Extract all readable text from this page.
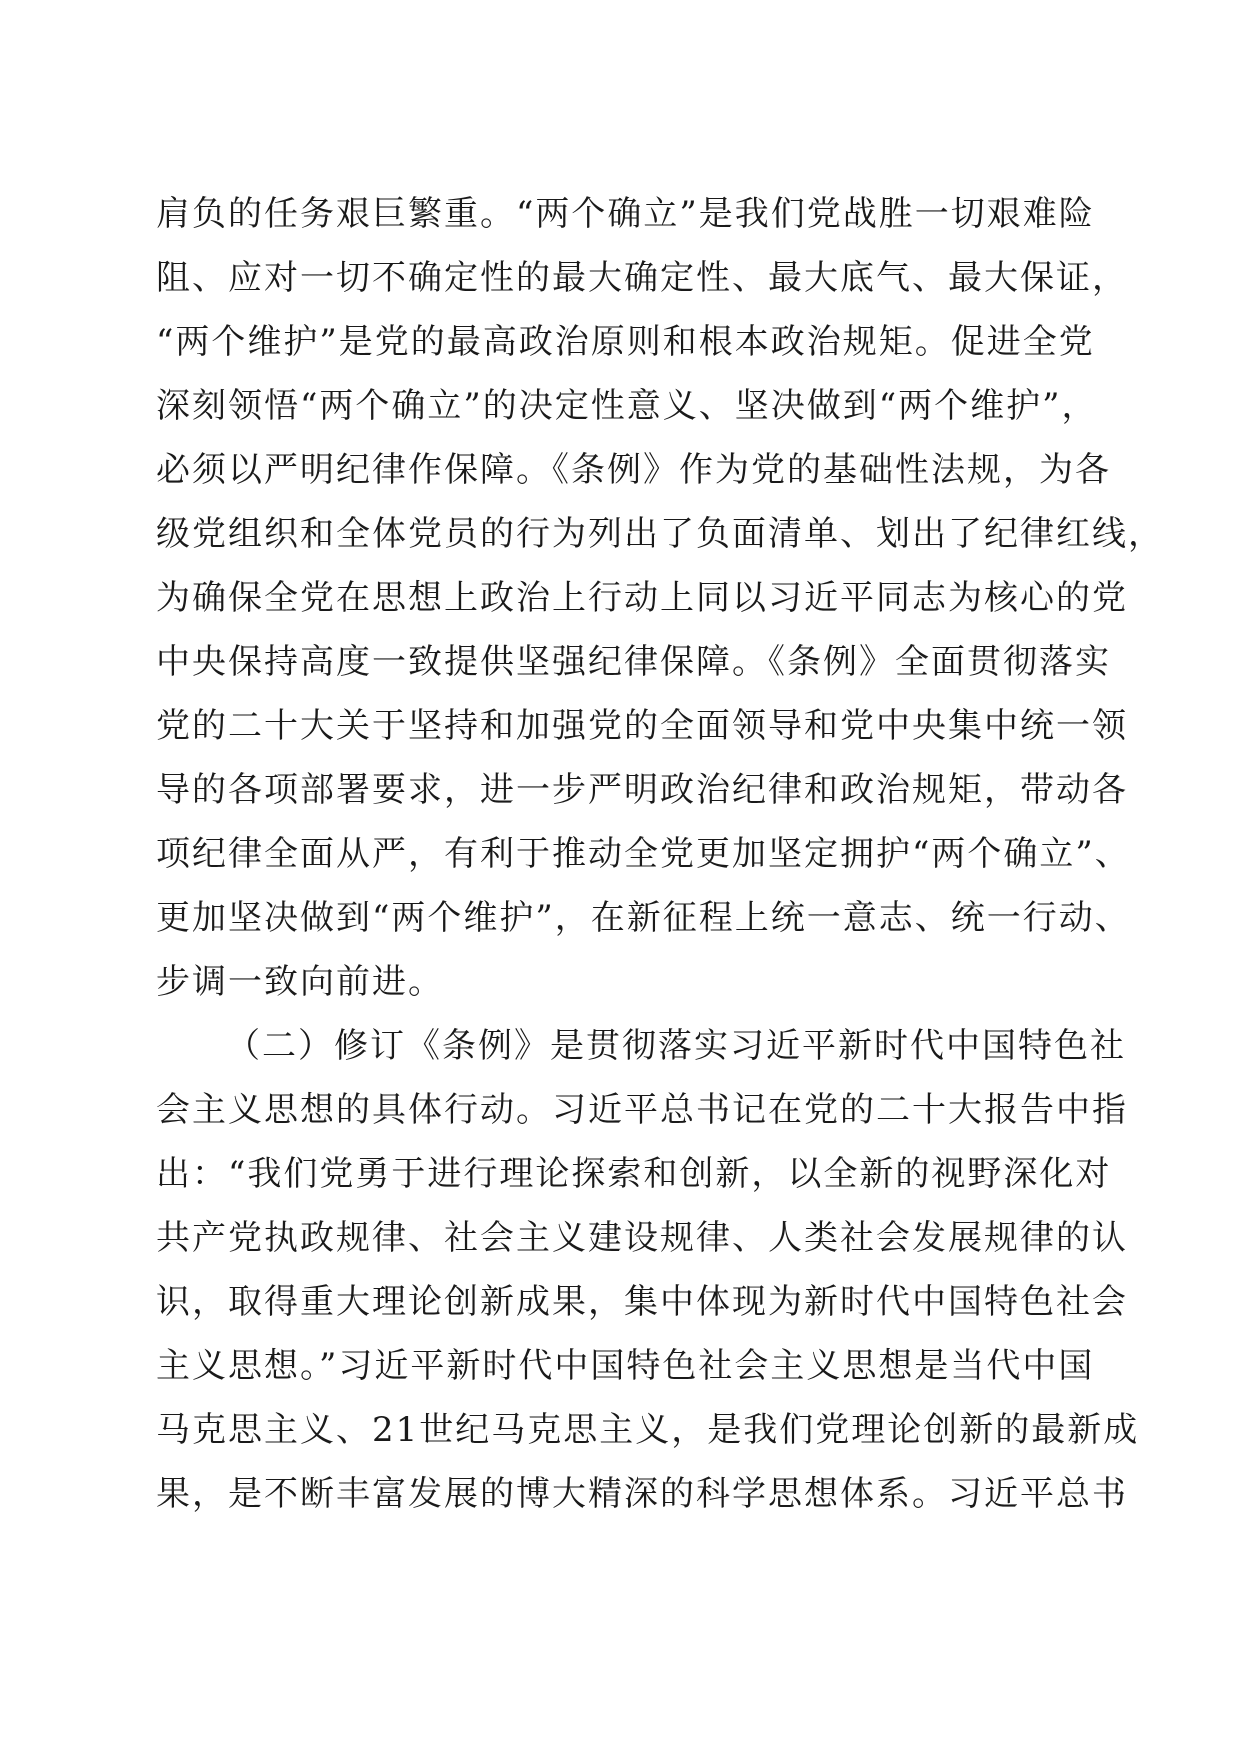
肩负的任务艰巨繁重。“两个确立”是我们党战胜一切艰难险
阻、应对一切不确定性的最大确定性、最大底气、最大保证，
“两个维护”是党的最高政治原则和根本政治规矩。促进全党
深刻领悟“两个确立”的决定性意义、坚决做到“两个维护”，
必须以严明纪律作保障。《条例》作为党的基础性法规，为各
级党组织和全体党员的行为列出了负面清单、划出了纪律红线，
为确保全党在思想上政治上行动上同以习近平同志为核心的党
中央保持高度一致提供坚强纪律保障。《条例》全面贯彻落实
党的二十大关于坚持和加强党的全面领导和党中央集中统一领
导的各项部署要求，进一步严明政治纪律和政治规矩，带动各
项纪律全面从严，有利于推动全党更加坚定拥护“两个确立”、
更加坚决做到“两个维护”，在新征程上统一意志、统一行动、
步调一致向前进。
（二）修订《条例》是贯彻落实习近平新时代中国特色社
会主义思想的具体行动。习近平总书记在党的二十大报告中指
出：“我们党勇于进行理论探索和创新，以全新的视野深化对
共产党执政规律、社会主义建设规律、人类社会发展规律的认
识，取得重大理论创新成果，集中体现为新时代中国特色社会
主义思想。”习近平新时代中国特色社会主义思想是当代中国
马克思主义、21世纪马克思主义，是我们党理论创新的最新成
果，是不断丰富发展的博大精深的科学思想体系。习近平总书
